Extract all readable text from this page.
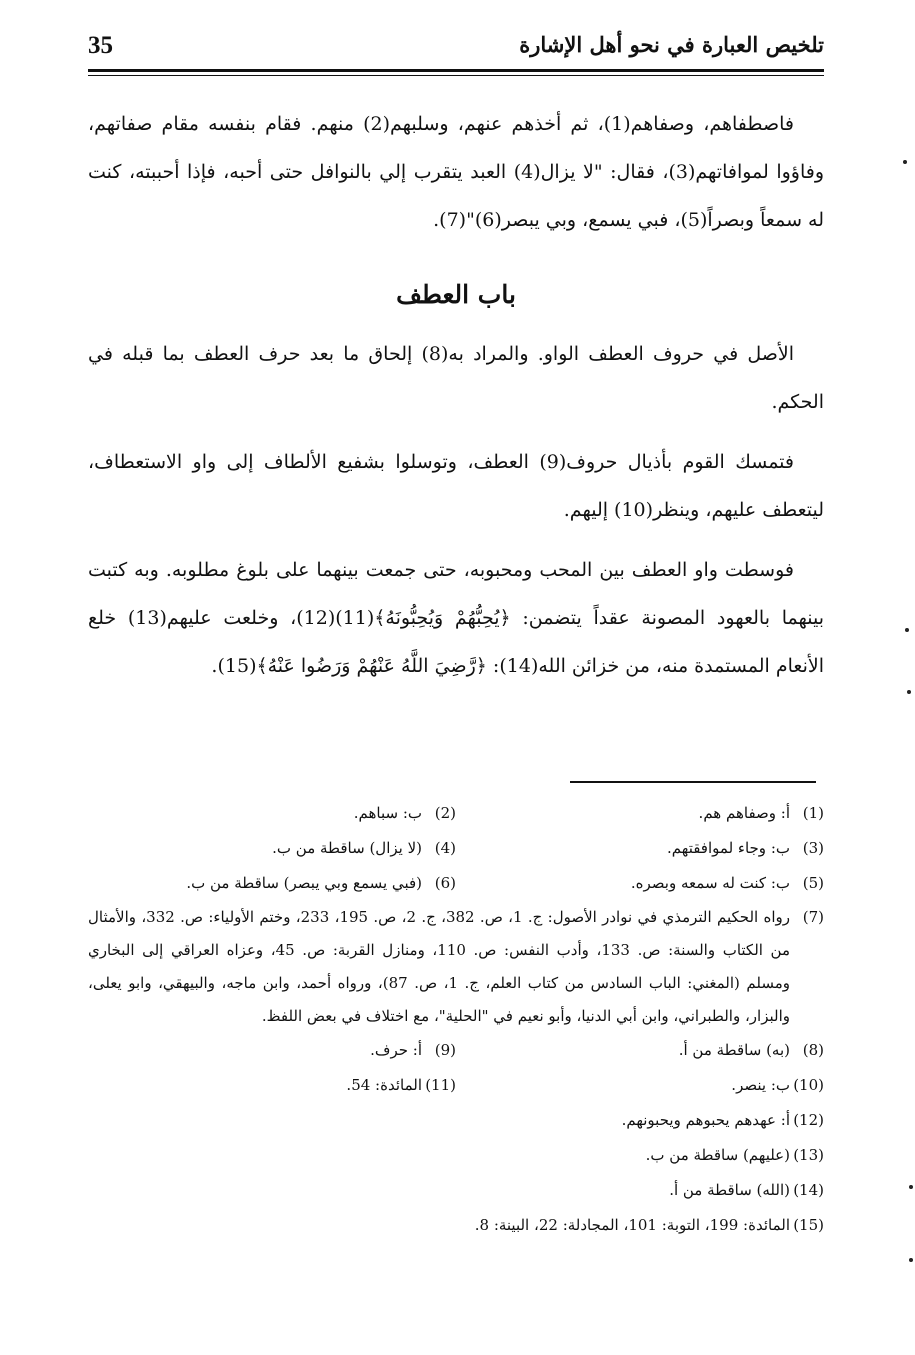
35	تلخيص العبارة في نحو أهل الإشارة

فاصطفاهم، وصفاهم(1)، ثم أخذهم عنهم، وسلبهم(2) منهم. فقام بنفسه مقام صفاتهم، وفاؤوا لموافاتهم(3)، فقال: "لا يزال(4) العبد يتقرب إلي بالنوافل حتى أحبه، فإذا أحببته، كنت له سمعاً وبصراً(5)، فبي يسمع، وبي يبصر(6)"(7).

باب العطف

الأصل في حروف العطف الواو. والمراد به(8) إلحاق ما بعد حرف العطف بما قبله في الحكم.

فتمسك القوم بأذيال حروف(9) العطف، وتوسلوا بشفيع الألطاف إلى واو الاستعطاف، ليتعطف عليهم، وينظر(10) إليهم.

فوسطت واو العطف بين المحب ومحبوبه، حتى جمعت بينهما على بلوغ مطلوبه. وبه كتبت بينهما بالعهود المصونة عقداً يتضمن: ﴿يُحِبُّهُمْ وَيُحِبُّونَهُ﴾(11)(12)، وخلعت عليهم(13) خلع الأنعام المستمدة منه، من خزائن الله(14): ﴿رَّضِيَ اللَّهُ عَنْهُمْ وَرَضُوا عَنْهُ﴾(15).

(1)
أ: وصفاهم هم.
(2)
ب: سباهم.
(3)
ب: وجاء لموافقتهم.
(4)
(لا يزال) ساقطة من ب.
(5)
ب: كنت له سمعه وبصره.
(6)
(فبي يسمع وبي يبصر) ساقطة من ب.
(7)
رواه الحكيم الترمذي في نوادر الأصول: ج. 1، ص. 382، ج. 2، ص. 195، 233، وختم الأولياء: ص. 332، والأمثال من الكتاب والسنة: ص. 133، وأدب النفس: ص. 110، ومنازل القربة: ص. 45، وعزاه العراقي إلى البخاري ومسلم (المغني: الباب السادس من كتاب العلم، ج. 1، ص. 87)، ورواه أحمد، وابن ماجه، والبيهقي، وابو يعلى، والبزار، والطبراني، وابن أبي الدنيا، وأبو نعيم في "الحلية"، مع اختلاف في بعض اللفظ.
(8)
(به) ساقطة من أ.
(9)
أ: حرف.
(10)
ب: ينصر.
(11)
المائدة: 54.
(12)
أ: عهدهم يحبوهم ويحبونهم.
(13)
(عليهم) ساقطة من ب.
(14)
(الله) ساقطة من أ.
(15)
المائدة: 199، التوبة: 101، المجادلة: 22، البينة: 8.
